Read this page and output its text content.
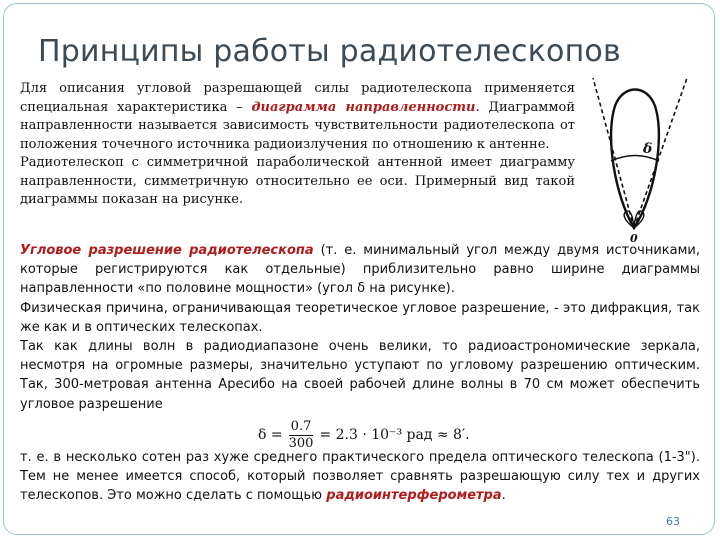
Принципы работы радиотелескопов

Для описания угловой разрешающей силы радиотелескопа применяется специальная характеристика – диаграмма направленности. Диаграммой направленности называется зависимость чувствительности радиотелескопа от положения точечного источника радиоизлучения по отношению к антенне.

Радиотелескоп с симметричной параболической антенной имеет диаграмму направленности, симметричную относительно ее оси. Примерный вид такой диаграммы показан на рисунке.

δ
0

Угловое разрешение радиотелескопа (т. е. минимальный угол между двумя источниками, которые регистрируются как отдельные) приблизительно равно ширине диаграммы направленности «по половине мощности» (угол δ на рисунке).

Физическая причина, ограничивающая теоретическое угловое разрешение, - это дифракция, так же как и в оптических телескопах.

Так как длины волн в радиодиапазоне очень велики, то радиоастрономические зеркала, несмотря на огромные размеры, значительно уступают по угловому разрешению оптическим. Так, 300-метровая антенна Аресибо на своей рабочей длине волны в 70 см может обеспечить угловое разрешение

$\delta = \frac{0.7}{300} = 2.3 \cdot 10^{-3}$ рад ≈ 8′.

т. е. в несколько сотен раз хуже среднего практического предела оптического телескопа (1-3"). Тем не менее имеется способ, который позволяет сравнять разрешающую силу тех и других телескопов. Это можно сделать с помощью радиоинтерферометра.

63
